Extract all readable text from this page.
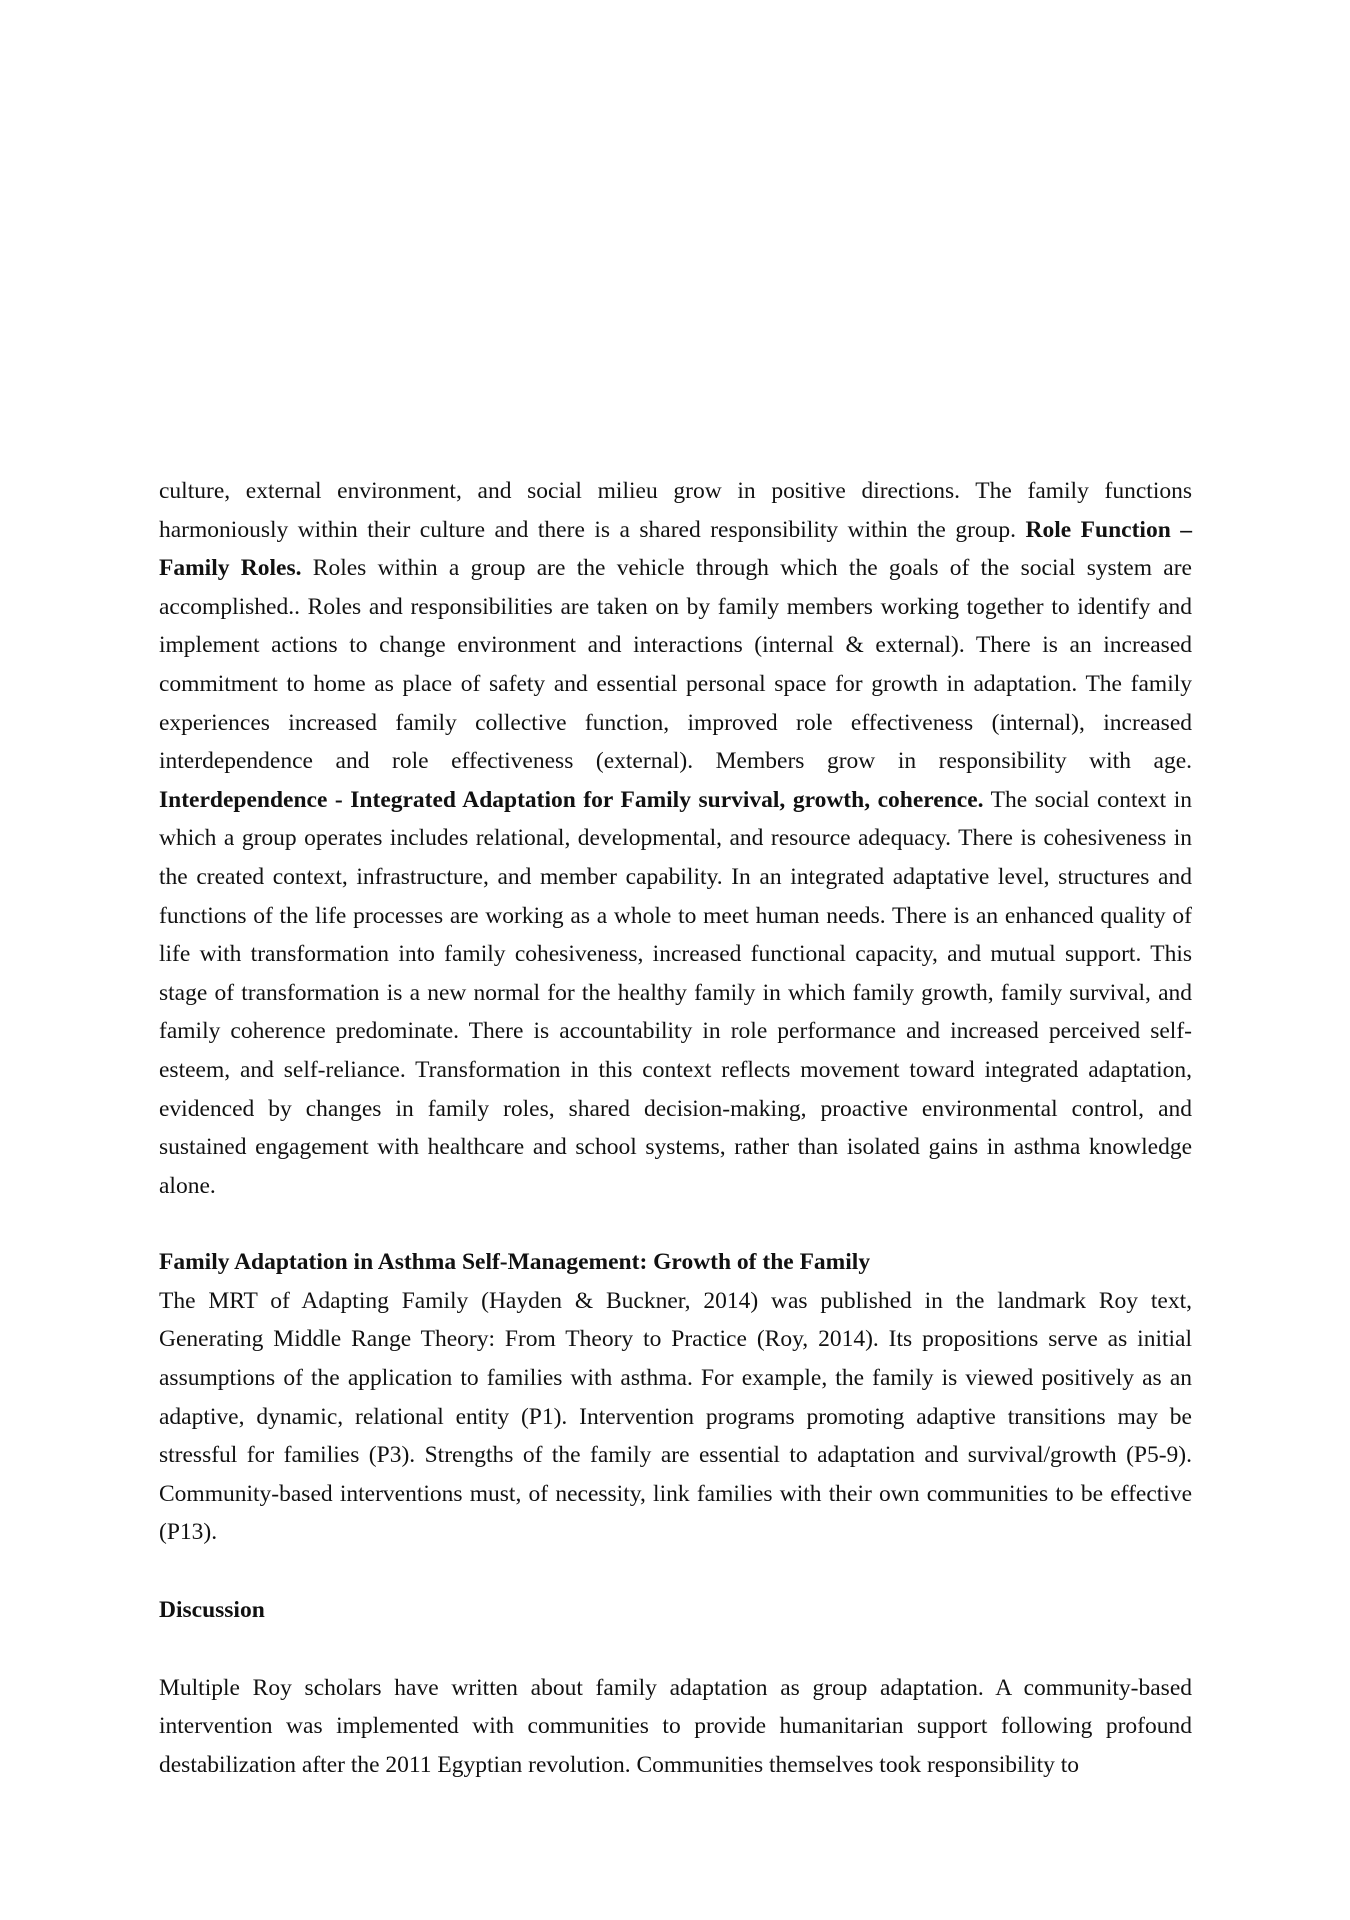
culture, external environment, and social milieu grow in positive directions. The family functions harmoniously within their culture and there is a shared responsibility within the group. Role Function – Family Roles. Roles within a group are the vehicle through which the goals of the social system are accomplished.. Roles and responsibilities are taken on by family members working together to identify and implement actions to change environment and interactions (internal & external). There is an increased commitment to home as place of safety and essential personal space for growth in adaptation. The family experiences increased family collective function, improved role effectiveness (internal), increased interdependence and role effectiveness (external). Members grow in responsibility with age. Interdependence - Integrated Adaptation for Family survival, growth, coherence. The social context in which a group operates includes relational, developmental, and resource adequacy. There is cohesiveness in the created context, infrastructure, and member capability. In an integrated adaptative level, structures and functions of the life processes are working as a whole to meet human needs. There is an enhanced quality of life with transformation into family cohesiveness, increased functional capacity, and mutual support. This stage of transformation is a new normal for the healthy family in which family growth, family survival, and family coherence predominate. There is accountability in role performance and increased perceived self-esteem, and self-reliance. Transformation in this context reflects movement toward integrated adaptation, evidenced by changes in family roles, shared decision-making, proactive environmental control, and sustained engagement with healthcare and school systems, rather than isolated gains in asthma knowledge alone.

Family Adaptation in Asthma Self-Management: Growth of the Family

The MRT of Adapting Family (Hayden & Buckner, 2014) was published in the landmark Roy text, Generating Middle Range Theory: From Theory to Practice (Roy, 2014). Its propositions serve as initial assumptions of the application to families with asthma. For example, the family is viewed positively as an adaptive, dynamic, relational entity (P1). Intervention programs promoting adaptive transitions may be stressful for families (P3). Strengths of the family are essential to adaptation and survival/growth (P5-9). Community-based interventions must, of necessity, link families with their own communities to be effective (P13).

Discussion

Multiple Roy scholars have written about family adaptation as group adaptation. A community-based intervention was implemented with communities to provide humanitarian support following profound destabilization after the 2011 Egyptian revolution. Communities themselves took responsibility to
